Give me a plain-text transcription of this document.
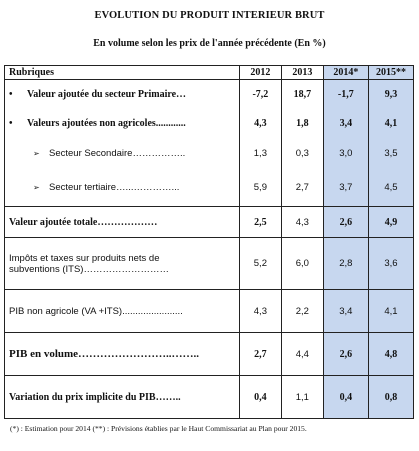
EVOLUTION DU PRODUIT INTERIEUR BRUT
En volume selon les prix de l'année précédente (En %)
Rubriques	2012	2013	2014*	2015**
• Valeur ajoutée du secteur Primaire…	-7,2	18,7	-1,7	9,3
• Valeurs ajoutées non agricoles............	4,3	1,8	3,4	4,1
➢ Secteur Secondaire……………..	1,3	0,3	3,0	3,5
➢ Secteur tertiaire…...…………...	5,9	2,7	3,7	4,5
Valeur ajoutée totale………………	2,5	4,3	2,6	4,9

Impôts et taxes sur produits nets de
subventions (ITS)………………………	5,2	6,0	2,8	3,6
PIB non agricole (VA +ITS).......................	4,3	2,2	3,4	4,1
PIB en volume……………………..……..	2,7	4,4	2,6	4,8
Variation du prix implicite du PIB……..	0,4	1,1	0,4	0,8
(*) : Estimation pour 2014 (**) : Prévisions établies par le Haut Commissariat au Plan pour 2015.
